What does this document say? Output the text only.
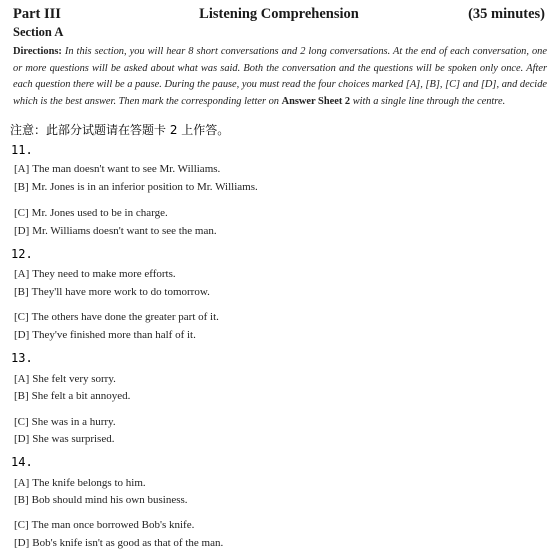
Part III	Listening Comprehension	(35 minutes)
Section A
Directions: In this section, you will hear 8 short conversations and 2 long conversations. At the end of each conversation, one or more questions will be asked about what was said. Both the conversation and the questions will be spoken only once. After each question there will be a pause. During the pause, you must read the four choices marked [A], [B], [C] and [D], and decide which is the best answer. Then mark the corresponding letter on Answer Sheet 2 with a single line through the centre.
注意：此部分试题请在答题卡 2 上作答。
11.
[A] The man doesn't want to see Mr. Williams.
[B] Mr. Jones is in an inferior position to Mr. Williams.
[C] Mr. Jones used to be in charge.
[D] Mr. Williams doesn't want to see the man.
12.
[A] They need to make more efforts.
[B] They'll have more work to do tomorrow.
[C] The others have done the greater part of it.
[D] They've finished more than half of it.
13.
[A] She felt very sorry.
[B] She felt a bit annoyed.
[C] She was in a hurry.
[D] She was surprised.
14.
[A] The knife belongs to him.
[B] Bob should mind his own business.
[C] The man once borrowed Bob's knife.
[D] Bob's knife isn't as good as that of the man.
